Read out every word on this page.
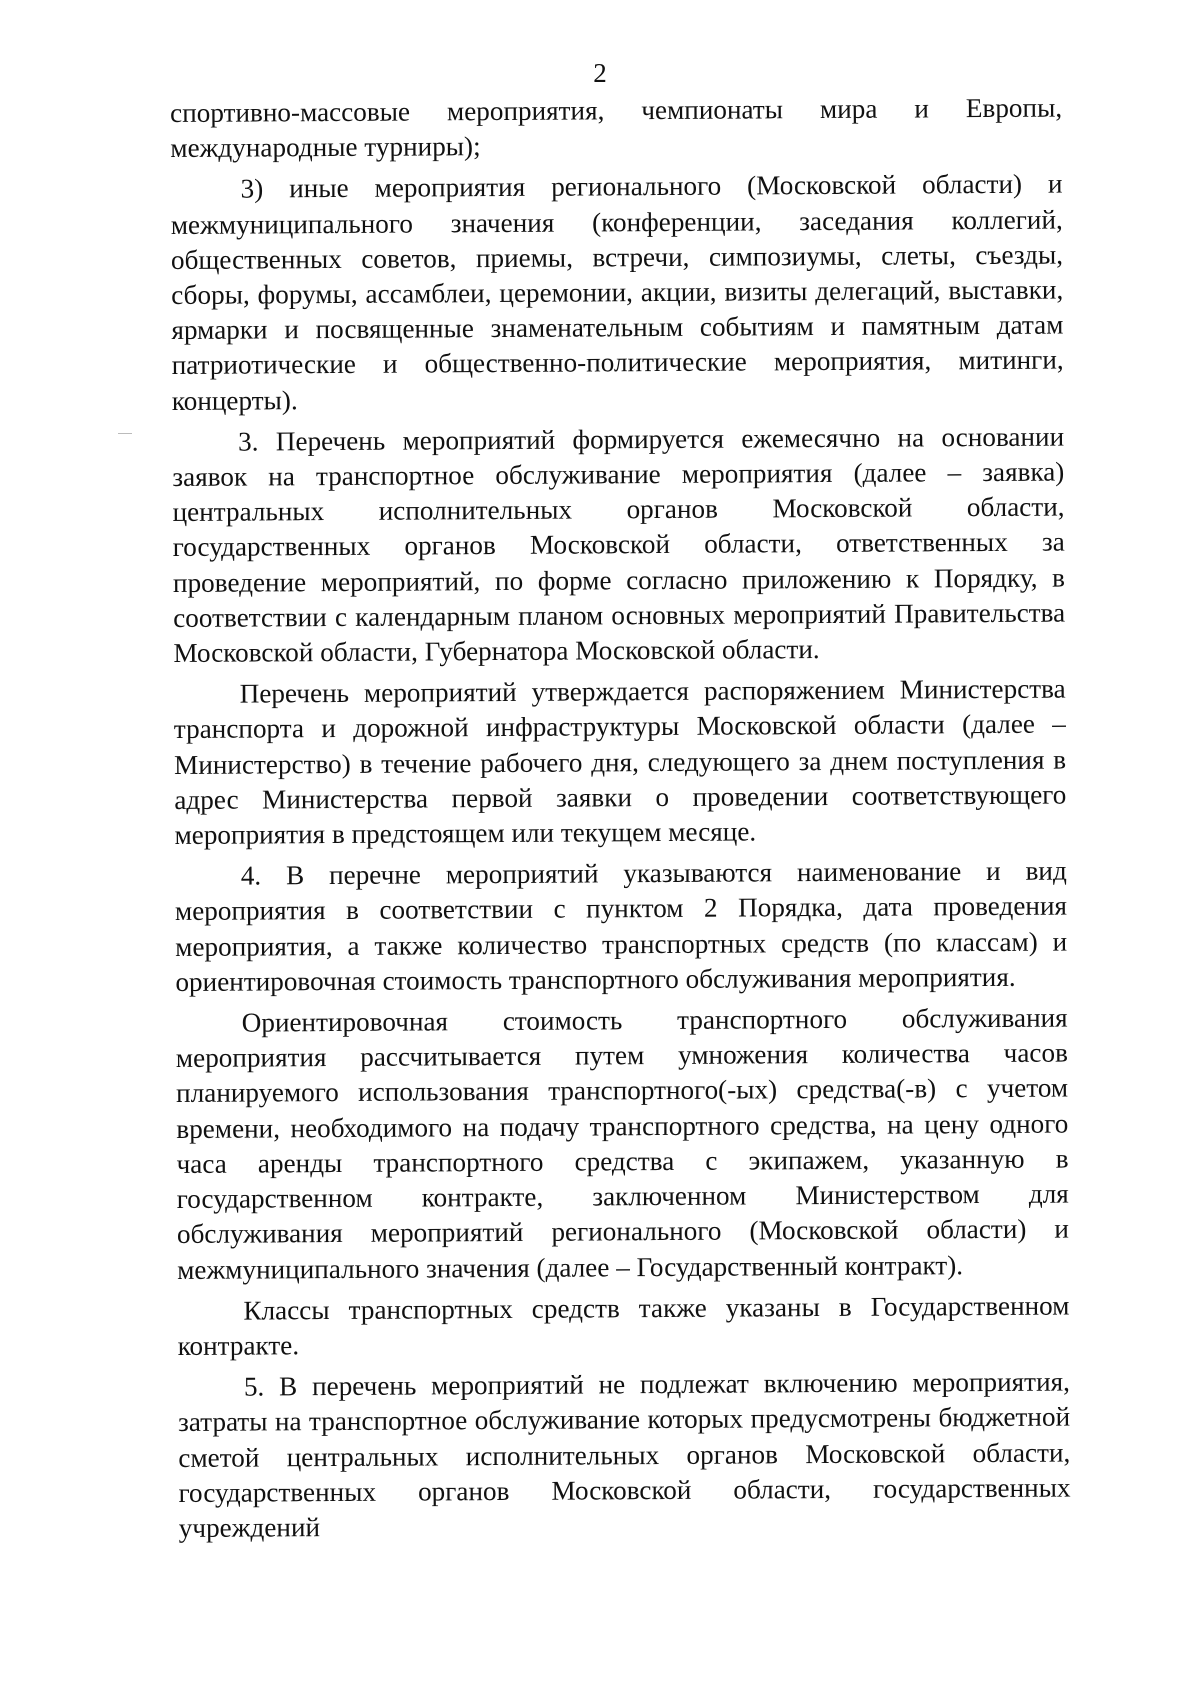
2

спортивно-массовые мероприятия, чемпионаты мира и Европы, международные турниры);

3) иные мероприятия регионального (Московской области) и межмуниципального значения (конференции, заседания коллегий, общественных советов, приемы, встречи, симпозиумы, слеты, съезды, сборы, форумы, ассамблеи, церемонии, акции, визиты делегаций, выставки, ярмарки и посвященные знаменательным событиям и памятным датам патриотические и общественно-политические мероприятия, митинги, концерты).

3. Перечень мероприятий формируется ежемесячно на основании заявок на транспортное обслуживание мероприятия (далее – заявка) центральных исполнительных органов Московской области, государственных органов Московской области, ответственных за проведение мероприятий, по форме согласно приложению к Порядку, в соответствии с календарным планом основных мероприятий Правительства Московской области, Губернатора Московской области.

Перечень мероприятий утверждается распоряжением Министерства транспорта и дорожной инфраструктуры Московской области (далее – Министерство) в течение рабочего дня, следующего за днем поступления в адрес Министерства первой заявки о проведении соответствующего мероприятия в предстоящем или текущем месяце.

4. В перечне мероприятий указываются наименование и вид мероприятия в соответствии с пунктом 2 Порядка, дата проведения мероприятия, а также количество транспортных средств (по классам) и ориентировочная стоимость транспортного обслуживания мероприятия.

Ориентировочная стоимость транспортного обслуживания мероприятия рассчитывается путем умножения количества часов планируемого использования транспортного(-ых) средства(-в) с учетом времени, необходимого на подачу транспортного средства, на цену одного часа аренды транспортного средства с экипажем, указанную в государственном контракте, заключенном Министерством для обслуживания мероприятий регионального (Московской области) и межмуниципального значения (далее – Государственный контракт).

Классы транспортных средств также указаны в Государственном контракте.

5. В перечень мероприятий не подлежат включению мероприятия, затраты на транспортное обслуживание которых предусмотрены бюджетной сметой центральных исполнительных органов Московской области, государственных органов Московской области, государственных учреждений
